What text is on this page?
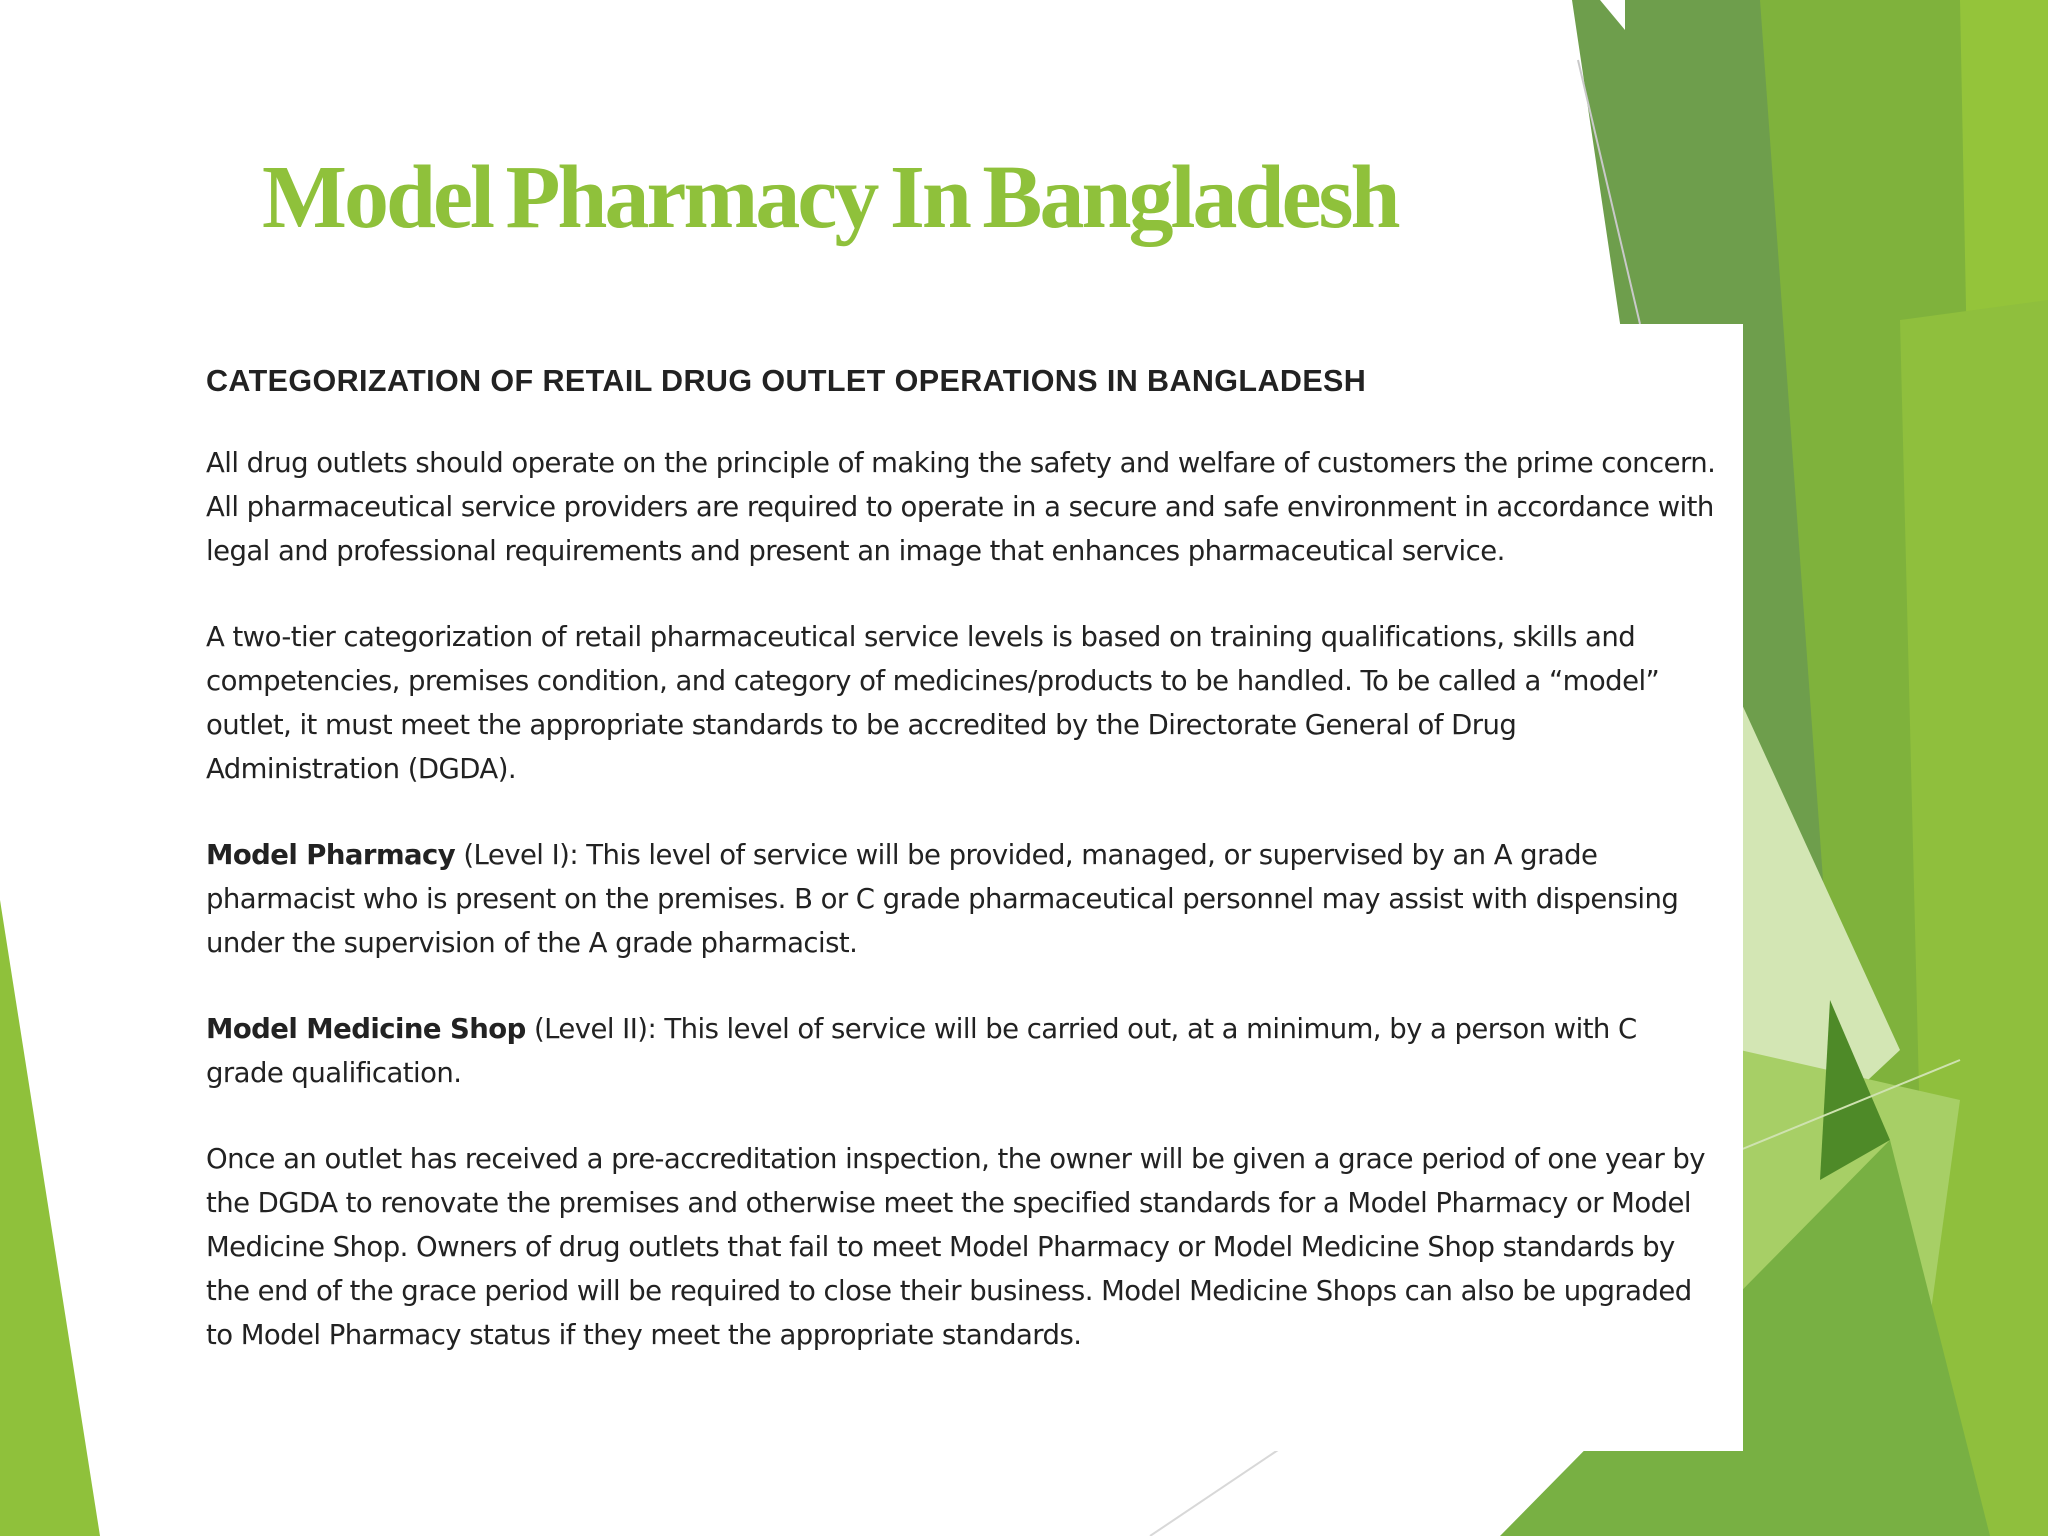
Model Pharmacy In Bangladesh
CATEGORIZATION OF RETAIL DRUG OUTLET OPERATIONS IN BANGLADESH

All drug outlets should operate on the principle of making the safety and welfare of customers the prime concern. All pharmaceutical service providers are required to operate in a secure and safe environment in accordance with legal and professional requirements and present an image that enhances pharmaceutical service.

A two-tier categorization of retail pharmaceutical service levels is based on training qualifications, skills and competencies, premises condition, and category of medicines/products to be handled. To be called a “model” outlet, it must meet the appropriate standards to be accredited by the Directorate General of Drug Administration (DGDA).

Model Pharmacy (Level I): This level of service will be provided, managed, or supervised by an A grade pharmacist who is present on the premises. B or C grade pharmaceutical personnel may assist with dispensing under the supervision of the A grade pharmacist.

Model Medicine Shop (Level II): This level of service will be carried out, at a minimum, by a person with C grade qualification.

Once an outlet has received a pre-accreditation inspection, the owner will be given a grace period of one year by the DGDA to renovate the premises and otherwise meet the specified standards for a Model Pharmacy or Model Medicine Shop. Owners of drug outlets that fail to meet Model Pharmacy or Model Medicine Shop standards by the end of the grace period will be required to close their business. Model Medicine Shops can also be upgraded to Model Pharmacy status if they meet the appropriate standards.
